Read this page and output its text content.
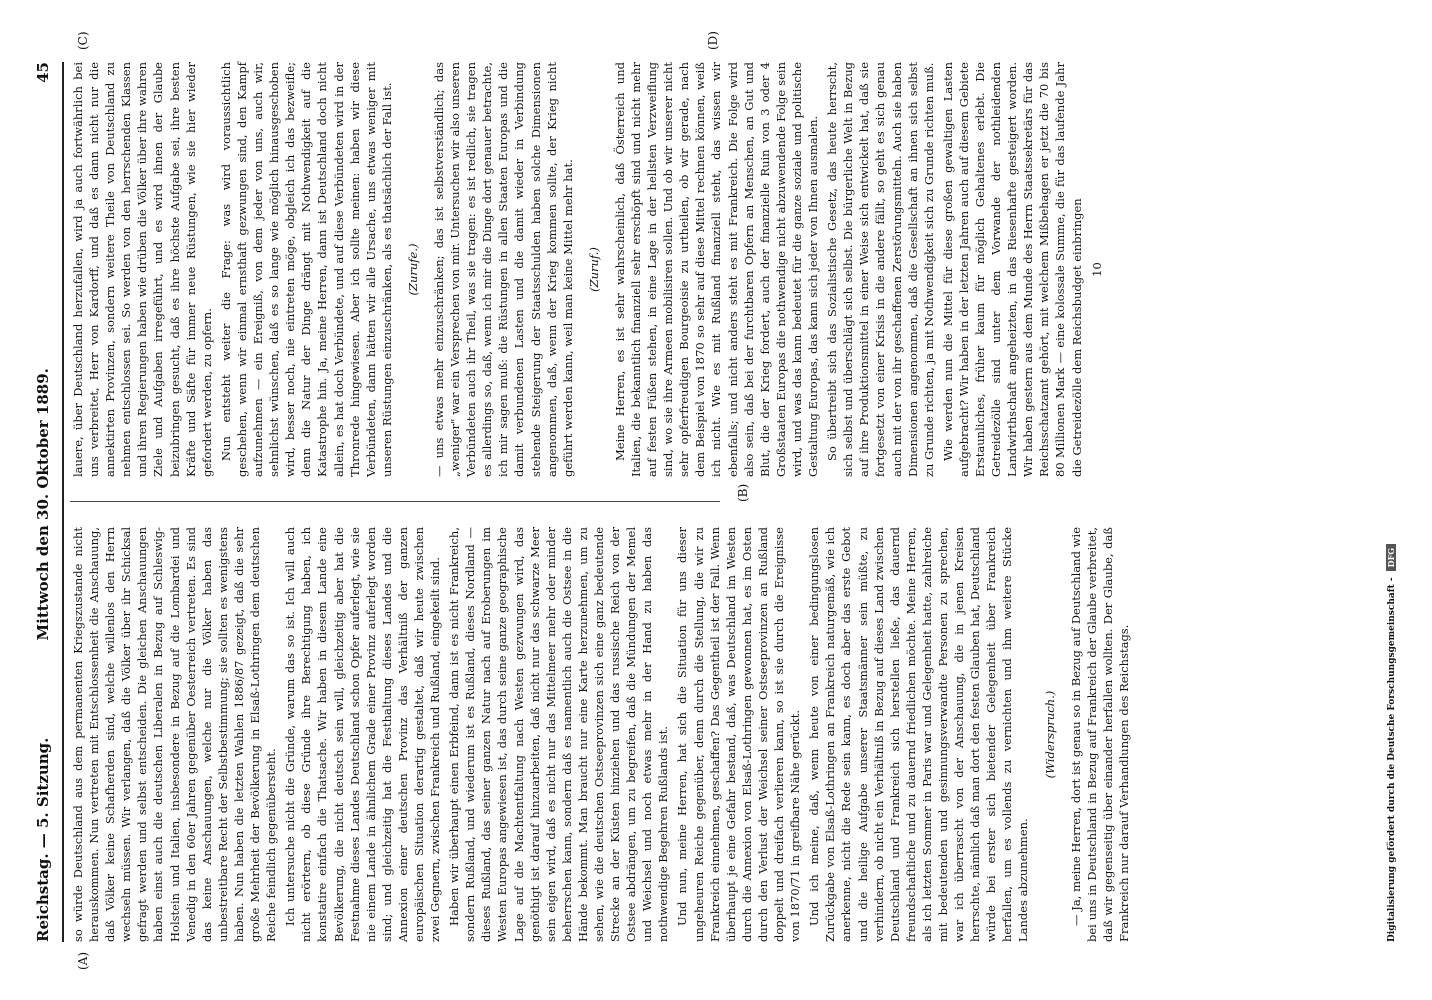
Reichstag. — 5. Sitzung.
Mittwoch den 30. Oktober 1889. 45
(A)
(B)
(C)	(D)

so würde Deutschland aus dem permanenten Kriegszustande nicht herauskommen. Nun vertreten mit Entschlossenheit die Anschauung, daß Völker keine Schafherden sind, welche willenlos den Herrn wechseln müssen. Wir verlangen, daß die Völker über ihr Schicksal gefragt werden und selbst entscheiden. Die gleichen Anschauungen haben einst auch die deutschen Liberalen in Bezug auf Schleswig-Holstein und Italien, insbesondere in Bezug auf die Lombardei und Venedig in den 60er Jahren gegenüber Oesterreich vertreten. Es sind das keine Anschauungen, welche nur die Völker haben das unbestreitbare Recht der Selbstbestimmung; sie sollten es wenigstens haben. Nun haben die letzten Wahlen 1886/87 gezeigt, daß die sehr große Mehrheit der Bevölkerung in Elsaß-Lothringen dem deutschen Reiche feindlich gegenübersteht. Ich untersuche nicht die Gründe, warum das so ist. Ich will auch nicht erörtern, ob diese Gründe ihre Berechtigung haben, ich konstatire einfach die Thatsache. Wir haben in diesem Lande eine Bevölkerung, die nicht deutsch sein will, gleichzeitig aber hat die Festnahme dieses Landes Deutschland schon Opfer auferlegt, wie sie nie einem Lande in ähnlichem Grade einer Provinz auferlegt worden sind; und gleichzeitig hat die Festhaltung dieses Landes und die Annexion einer deutschen Provinz das Verhältniß der ganzen europäischen Situation derartig gestaltet, daß wir heute zwischen zwei Gegnern, zwischen Frankreich und Rußland, eingekeilt sind. Haben wir überhaupt einen Erbfeind, dann ist es nicht Frankreich, sondern Rußland, und wiederum ist es Rußland, dieses Nordland — dieses Rußland, das seiner ganzen Natur nach auf Eroberungen im Westen Europas angewiesen ist, das durch seine ganze geographische Lage auf die Machtentfaltung nach Westen gezwungen wird, das genöthigt ist darauf hinzuarbeiten, daß nicht nur das schwarze Meer sein eigen wird, daß es nicht nur das Mittelmeer mehr oder minder beherrschen kann, sondern daß es namentlich auch die Ostsee in die Hände bekommt. Man braucht nur eine Karte herzunehmen, um zu sehen, wie die deutschen Ostseeprovinzen sich eine ganz bedeutende Strecke an der Küsten hinziehen und das russische Reich von der Ostsee abdrängen, um zu begreifen, daß die Mündungen der Memel und Weichsel und noch etwas mehr in der Hand zu haben das nothwendige Begehren Rußlands ist. Und nun, meine Herren, hat sich die Situation für uns dieser ungeheuren Reiche gegenüber, denn durch die Stellung, die wir zu Frankreich einnehmen, geschaffen? Das Gegentheil ist der Fall. Wenn überhaupt je eine Gefahr bestand, daß, was Deutschland im Westen durch die Annexion von Elsaß-Lothringen gewonnen hat, es im Osten durch den Verlust der Weichsel seiner Ostseeprovinzen an Rußland doppelt und dreifach verlieren kann, so ist sie durch die Ereignisse von 1870/71 in greifbare Nähe gerückt. Und ich meine, daß, wenn heute von einer bedingungslosen Zurückgabe von Elsaß-Lothringen an Frankreich naturgemäß, wie ich anerkenne, nicht die Rede sein kann, es doch aber das erste Gebot und die heilige Aufgabe unserer Staatsmänner sein müßte, zu verhindern, ob nicht ein Verhältniß in Bezug auf dieses Land zwischen Deutschland und Frankreich sich herstellen ließe, das dauernd freundschaftliche und zu dauernd friedlichen möchte. Meine Herren, als ich letzten Sommer in Paris war und Gelegenheit hatte, zahlreiche mit bedeutenden und gesinnungsverwandte Personen zu sprechen, war ich überrascht von der Anschauung, die in jenen Kreisen herrschte, nämlich daß man dort den festen Glauben hat, Deutschland würde bei erster sich bietender Gelegenheit über Frankreich herfallen, um es vollends zu vernichten und ihm weitere Stücke Landes abzunehmen.

(Widerspruch.) — Ja, meine Herren, dort ist genau so in Bezug auf Deutschland wie bei uns in Deutschland in Bezug auf Frankreich der Glaube verbreitet, daß wir gegenseitig über einander herfallen wollten. Der Glaube, daß Frankreich nur darauf Verhandlungen des Reichstags.

lauere, über Deutschland herzufallen, wird ja auch fortwährlich bei uns verbreitet, Herr von Kardorff, und daß es dann nicht nur die annektirten Provinzen, sondern weitere Theile von Deutschland zu nehmen entschlossen sei. So werden von den herrschenden Klassen und ihren Regierungen haben wie drüben die Völker über ihre wahren Ziele und Aufgaben irregeführt, und es wird ihnen der Glaube beizubringen gesucht, daß es ihre höchste Aufgabe sei, ihre besten Kräfte und Säfte für immer neue Rüstungen, wie sie hier wieder gefordert werden, zu opfern. Nun entsteht weiter die Frage: was wird voraussichtlich geschehen, wenn wir einmal ernsthaft gezwungen sind, den Kampf aufzunehmen — ein Ereigniß, von dem jeder von uns, auch wir, sehnlichst wünschen, daß es so lange wie möglich hinausgeschoben wird, besser noch, nie eintreten möge, obgleich ich das bezweifle; denn die Natur der Dinge drängt mit Nothwendigkeit auf die Katastrophe hin. Ja, meine Herren, dann ist Deutschland doch nicht allein, es hat doch Verbündete, und auf diese Verbündeten wird in der Thronrede hingewiesen. Aber ich sollte meinen: haben wir diese Verbündeten, dann hätten wir alle Ursache, uns etwas weniger mit unseren Rüstungen einzuschränken, als es thatsächlich der Fall ist. (Zurufe.) — uns etwas mehr einzuschränken; das ist selbstverständlich; das „weniger" war ein Versprechen von mir. Untersuchen wir also unseren Verbündeten auch ihr Theil, was sie tragen: es ist redlich, sie tragen es allerdings so, daß, wenn ich mir die Dinge dort genauer betrachte, ich mir sagen muß: die Rüstungen in allen Staaten Europas und die damit verbundenen Lasten und die damit wieder in Verbindung stehende Steigerung der Staatsschulden haben solche Dimensionen angenommen, daß, wenn der Krieg kommen sollte, der Krieg nicht geführt werden kann, weil man keine Mittel mehr hat. (Zuruf.) Meine Herren, es ist sehr wahrscheinlich, daß Österreich und Italien, die bekanntlich finanziell sehr erschöpft sind und nicht mehr auf festen Füßen stehen, in eine Lage in der hellsten Verzweiflung sind, wo sie ihre Armeen mobilisiren sollen. Und ob wir unserer nicht sehr opferfreudigen Bourgeoisie zu urtheilen, ob wir gerade, nach dem Beispiel von 1870 so sehr auf diese Mittel rechnen können, weiß ich nicht. Wie es mit Rußland finanziell steht, das wissen wir ebenfalls; und nicht anders steht es mit Frankreich. Die Folge wird also sein, daß bei der furchtbaren Opfern an Menschen, an Gut und Blut, die der Krieg fordert, auch der finanzielle Ruin von 3 oder 4 Großstaaten Europas die nothwendige nicht abzuwendende Folge sein wird, und was das kann bedeutet für die ganze soziale und politische Gestaltung Europas, das kann sich jeder von Ihnen ausmalen. So übertreibt sich das Sozialistische Gesetz, das heute herrscht, sich selbst und überschlägt sich selbst. Die bürgerliche Welt in Bezug auf ihre Produktionsmittel in einer Weise sich entwickelt hat, daß sie fortgesetzt von einer Krisis in die andere fällt, so geht es sich genau auch mit der von ihr geschaffenen Zerstörungsmitteln. Auch sie haben Dimensionen angenommen, daß die Gesellschaft an ihnen sich selbst zu Grunde richten, ja mit Nothwendigkeit sich zu Grunde richten muß. Wie werden nun die Mittel für diese großen gewaltigen Lasten aufgebracht? Wir haben in der letzten Jahren auch auf diesem Gebiete Erstaunliches, früher kaum für möglich Gehaltenes erlebt. Die Getreidezölle sind unter dem Vorwande der nothleidenden Landwirthschaft angeheizten, in das Riesenhafte gesteigert worden. Wir haben gestern aus dem Munde des Herrn Staatssekretärs für das Reichsschatzamt gehört, mit welchem Mißbehagen er jetzt die 70 bis 80 Millionen Mark — eine kolossale Summe, die für das laufende Jahr die Getreidezölle dem Reichsbudget einbringen 10
Digitalisierung gefördert durch die Deutsche Forschungsgemeinschaft -DFG
